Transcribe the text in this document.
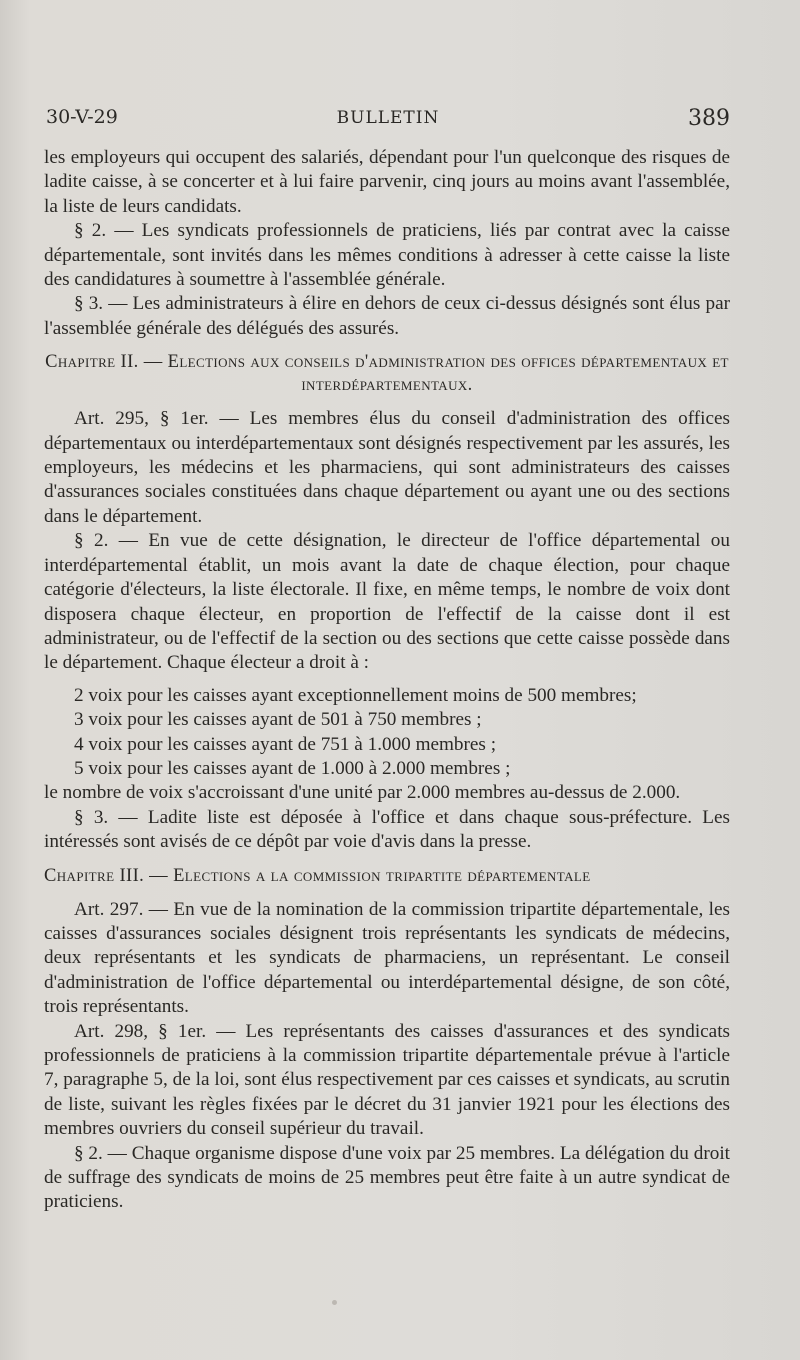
30-V-29	BULLETIN	389

les employeurs qui occupent des salariés, dépendant pour l'un quelconque des risques de ladite caisse, à se concerter et à lui faire parvenir, cinq jours au moins avant l'assemblée, la liste de leurs candidats.

§ 2. — Les syndicats professionnels de praticiens, liés par contrat avec la caisse départementale, sont invités dans les mêmes conditions à adresser à cette caisse la liste des candidatures à soumettre à l'assemblée générale.

§ 3. — Les administrateurs à élire en dehors de ceux ci-dessus désignés sont élus par l'assemblée générale des délégués des assurés.

Chapitre II. — Elections aux conseils d'administration des offices départementaux et interdépartementaux.

Art. 295, § 1er. — Les membres élus du conseil d'administration des offices départementaux ou interdépartementaux sont désignés respectivement par les assurés, les employeurs, les médecins et les pharmaciens, qui sont administrateurs des caisses d'assurances sociales constituées dans chaque département ou ayant une ou des sections dans le département.

§ 2. — En vue de cette désignation, le directeur de l'office départemental ou interdépartemental établit, un mois avant la date de chaque élection, pour chaque catégorie d'électeurs, la liste électorale. Il fixe, en même temps, le nombre de voix dont disposera chaque électeur, en proportion de l'effectif de la caisse dont il est administrateur, ou de l'effectif de la section ou des sections que cette caisse possède dans le département. Chaque électeur a droit à :

2 voix pour les caisses ayant exceptionnellement moins de 500 membres;
3 voix pour les caisses ayant de 501 à 750 membres ;
4 voix pour les caisses ayant de 751 à 1.000 membres ;
5 voix pour les caisses ayant de 1.000 à 2.000 membres ;

le nombre de voix s'accroissant d'une unité par 2.000 membres au-dessus de 2.000.

§ 3. — Ladite liste est déposée à l'office et dans chaque sous-préfecture. Les intéressés sont avisés de ce dépôt par voie d'avis dans la presse.

Chapitre III. — Elections a la commission tripartite départementale

Art. 297. — En vue de la nomination de la commission tripartite départementale, les caisses d'assurances sociales désignent trois représentants les syndicats de médecins, deux représentants et les syndicats de pharmaciens, un représentant. Le conseil d'administration de l'office départemental ou interdépartemental désigne, de son côté, trois représentants.

Art. 298, § 1er. — Les représentants des caisses d'assurances et des syndicats professionnels de praticiens à la commission tripartite départementale prévue à l'article 7, paragraphe 5, de la loi, sont élus respectivement par ces caisses et syndicats, au scrutin de liste, suivant les règles fixées par le décret du 31 janvier 1921 pour les élections des membres ouvriers du conseil supérieur du travail.

§ 2. — Chaque organisme dispose d'une voix par 25 membres. La délégation du droit de suffrage des syndicats de moins de 25 membres peut être faite à un autre syndicat de praticiens.
